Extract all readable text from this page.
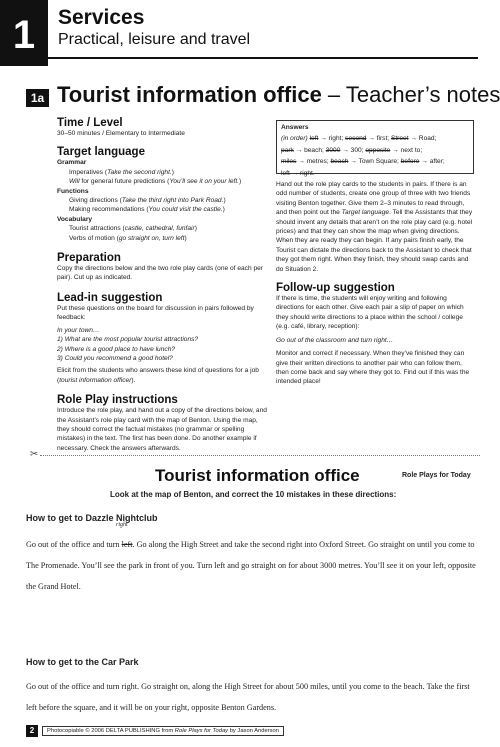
1	Services
Practical, leisure and travel
1a Tourist information office – Teacher’s notes
Time / Level
30–50 minutes / Elementary to Intermediate
Target language
Grammar
Imperatives (Take the second right.)
Will for general future predictions (You’ll see it on your left.)
Functions
Giving directions (Take the third right into Park Road.)
Making recommendations (You could visit the castle.)
Vocabulary
Tourist attractions (castle, cathedral, funfair)
Verbs of motion (go straight on, turn left)
Preparation
Copy the directions below and the two role play cards (one of each per pair). Cut up as indicated.
Lead-in suggestion
Put these questions on the board for discussion in pairs followed by feedback:
In your town…
1) What are the most popular tourist attractions?
2) Where is a good place to have lunch?
3) Could you recommend a good hotel?
Elicit from the students who answers these kind of questions for a job (tourist information officer).
Role Play instructions
Introduce the role play, and hand out a copy of the directions below, and the Assistant’s role play card with the map of Benton. Using the map, they should correct the factual mistakes (no grammar or spelling mistakes) in the text. The first has been done. Do another example if necessary. Check the answers afterwards.
Answers
(in order) left → right; second → first; Street → Road;
park → beach; 3000 → 300; opposite → next to;
miles → metres; beach → Town Square; before → after;
left → right.
Hand out the role play cards to the students in pairs. If there is an odd number of students, create one group of three with two friends visiting Benton together. Give them 2–3 minutes to read through, and then point out the Target language. Tell the Assistants that they should invent any details that aren’t on the role play card (e.g. hotel prices) and that they can show the map when giving directions. When they are ready they can begin. If any pairs finish early, the Tourist can dictate the directions back to the Assistant to check that they got them right. When they finish, they should swap cards and do Situation 2.
Follow-up suggestion
If there is time, the students will enjoy writing and following directions for each other. Give each pair a slip of paper on which they should write directions to a place within the school / college (e.g. café, library, reception):
Go out of the classroom and turn right…
Monitor and correct if necessary. When they’ve finished they can give their written directions to another pair who can follow them, then come back and say where they got to. Find out if this was the intended place!
✂
Tourist information office	Role Plays for Today
Look at the map of Benton, and correct the 10 mistakes in these directions:
How to get to Dazzle Nightclub
right
Go out of the office and turn left. Go along the High Street and take the second right into Oxford Street. Go straight on until you come to The Promenade. You’ll see the park in front of you. Turn left and go straight on for about 3000 metres. You’ll see it on your left, opposite the Grand Hotel.
How to get to the Car Park
Go out of the office and turn right. Go straight on, along the High Street for about 500 miles, until you come to the beach. Take the first left before the square, and it will be on your right, opposite Benton Gardens.
2	Photocopiable © 2006 DELTA PUBLISHING from Role Plays for Today by Jason Anderson
